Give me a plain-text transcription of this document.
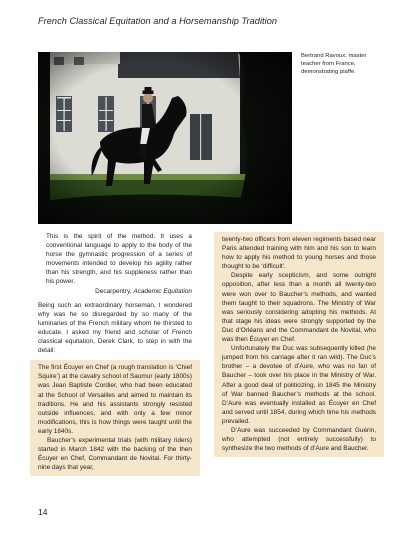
French Classical Equitation and a Horsemanship Tradition
Bertrand Ravoux, master teacher from France, demonstrating piaffe.

This is the spirit of the method. It uses a conventional language to apply to the body of the horse the gymnastic progression of a series of movements intended to develop his agility rather than his strength, and his suppleness rather than his power.

Decarpentry, Academic Equitation

Being such an extraordinary horseman, I wondered why was he so disregarded by so many of the luminaries of the French military whom he thirsted to educate. I asked my friend and scholar of French classical equitation, Derek Clark, to step in with the detail:

The first Écuyer en Chef (a rough translation is ‘Chief Squire’) at the cavalry school of Saumur (early 1800s) was Jean Baptiste Cordier, who had been educated at the School of Versailles and aimed to maintain its traditions. He and his assistants strongly resisted outside influences, and with only a few minor modifications, this is how things were taught until the early 1840s.

Baucher’s experimental trials (with military riders) started in March 1842 with the backing of the then Écuyer en Chef, Commandant de Novital. For thirty-nine days that year,

twenty-two officers from eleven regiments based near Paris attended training with him and his son to learn how to apply his method to young horses and those thought to be ‘difficult’.

Despite early scepticism, and some outright opposition, after less than a month all twenty-two were won over to Baucher’s methods, and wanted them taught to their squadrons. The Ministry of War was seriously considering adopting his methods. At that stage his ideas were strongly supported by the Duc d’Orléans and the Commandant de Novital, who was then Écuyer en Chef.

Unfortunately the Duc was subsequently killed (he jumped from his carriage after it ran wild). The Duc’s brother – a devotee of d’Aure, who was no fan of Baucher – took over his place in the Ministry of War. After a good deal of politicizing, in 1845 the Ministry of War banned Baucher’s methods at the school. D’Aure was eventually installed as Écuyer en Chef and served until 1854, during which time his methods prevailed.

D’Aure was succeeded by Commandant Guérin, who attempted (not entirely successfully) to synthesize the two methods of d’Aure and Baucher.

14
